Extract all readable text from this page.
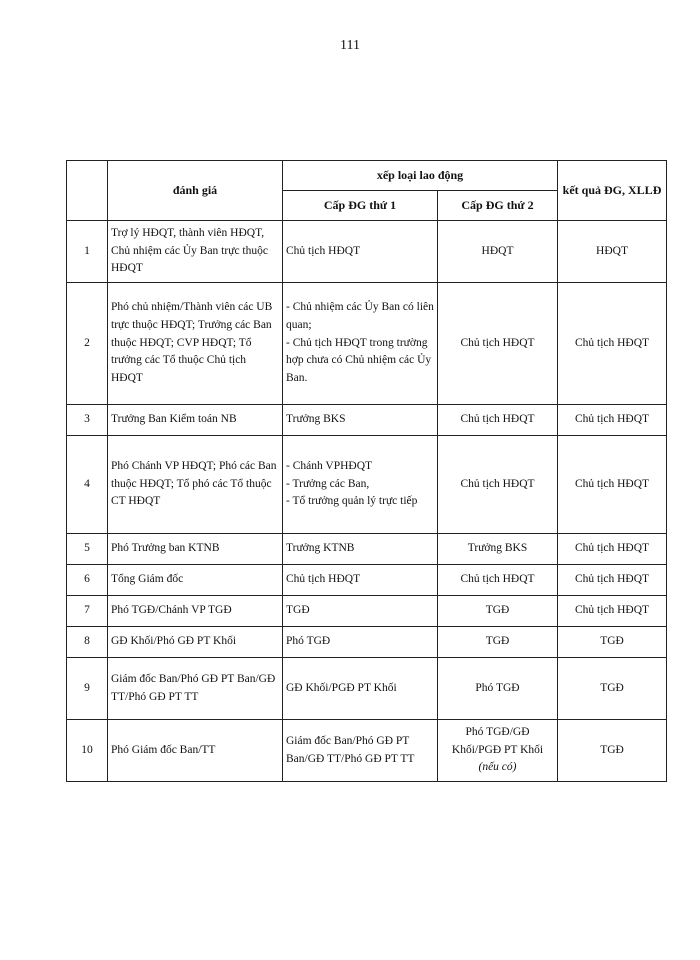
111
	đánh giá	xếp loại lao động		kết quả ĐG, XLLĐ
		Cấp ĐG thứ 1	Cấp ĐG thứ 2	
1	Trợ lý HĐQT, thành viên HĐQT, Chủ nhiệm các Ủy Ban trực thuộc HĐQT	Chủ tịch HĐQT	HĐQT	HĐQT
2	Phó chủ nhiệm/Thành viên các UB trực thuộc HĐQT; Trưởng các Ban thuộc HĐQT; CVP HĐQT; Tổ trưởng các Tổ thuộc Chủ tịch HĐQT	- Chủ nhiệm các Ủy Ban có liên quan;
- Chủ tịch HĐQT trong trường hợp chưa có Chủ nhiệm các Ủy Ban.	Chủ tịch HĐQT	Chủ tịch HĐQT
3	Trưởng Ban Kiểm toán NB	Trưởng BKS	Chủ tịch HĐQT	Chủ tịch HĐQT
4	Phó Chánh VP HĐQT; Phó các Ban thuộc HĐQT; Tổ phó các Tổ thuộc CT HĐQT	- Chánh VPHĐQT
- Trưởng các Ban,
- Tổ trưởng quản lý trực tiếp	Chủ tịch HĐQT	Chủ tịch HĐQT
5	Phó Trưởng ban KTNB	Trưởng KTNB	Trưởng BKS	Chủ tịch HĐQT
6	Tổng Giám đốc	Chủ tịch HĐQT	Chủ tịch HĐQT	Chủ tịch HĐQT
7	Phó TGĐ/Chánh VP TGĐ	TGĐ	TGĐ	Chủ tịch HĐQT
8	GĐ Khối/Phó GĐ PT Khối	Phó TGĐ	TGĐ	TGĐ
9	Giám đốc Ban/Phó GĐ PT Ban/GĐ TT/Phó GĐ PT TT	GĐ Khối/PGĐ PT Khối	Phó TGĐ	TGĐ
10	Phó Giám đốc Ban/TT	Giám đốc Ban/Phó GĐ PT Ban/GĐ TT/Phó GĐ PT TT	Phó TGĐ/GĐ Khối/PGĐ PT Khối (nếu có)	TGĐ
